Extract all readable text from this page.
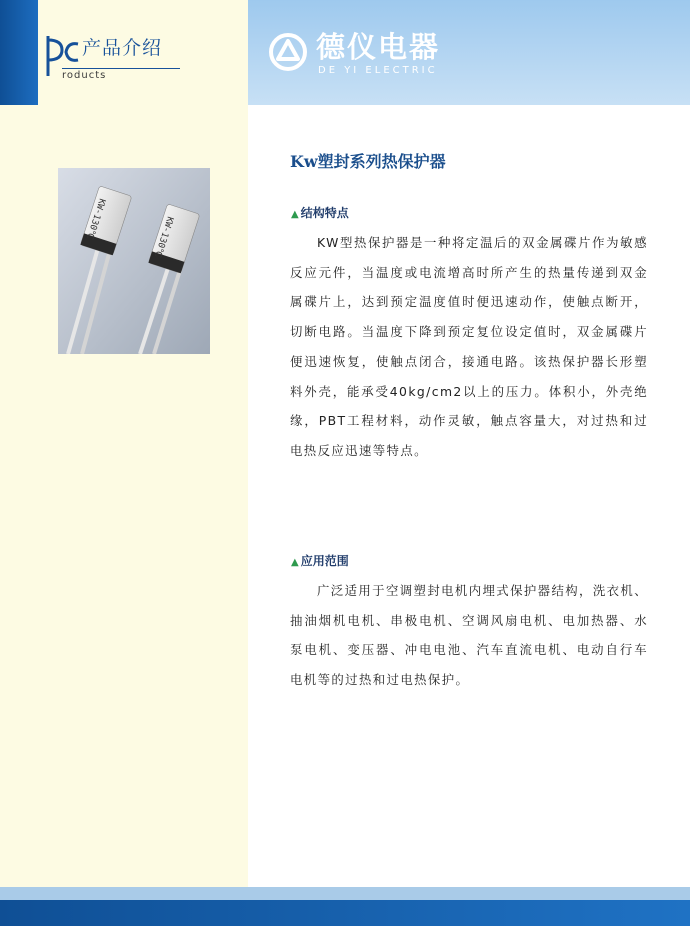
产品介绍
roducts
德仪电器
DE YI ELECTRIC
KW-130℃	KW-130℃
Kw塑封系列热保护器
▲ 结构特点

KW型热保护器是一种将定温后的双金属碟片作为敏感反应元件，当温度或电流增高时所产生的热量传递到双金属碟片上，达到预定温度值时便迅速动作，使触点断开，切断电路。当温度下降到预定复位设定值时，双金属碟片便迅速恢复，使触点闭合，接通电路。该热保护器长形塑料外壳，能承受40kg/cm2以上的压力。体积小，外壳绝缘，PBT工程材料，动作灵敏，触点容量大，对过热和过电热反应迅速等特点。

▲ 应用范围

广泛适用于空调塑封电机内埋式保护器结构，洗衣机、抽油烟机电机、串极电机、空调风扇电机、电加热器、水泵电机、变压器、冲电电池、汽车直流电机、电动自行车电机等的过热和过电热保护。
